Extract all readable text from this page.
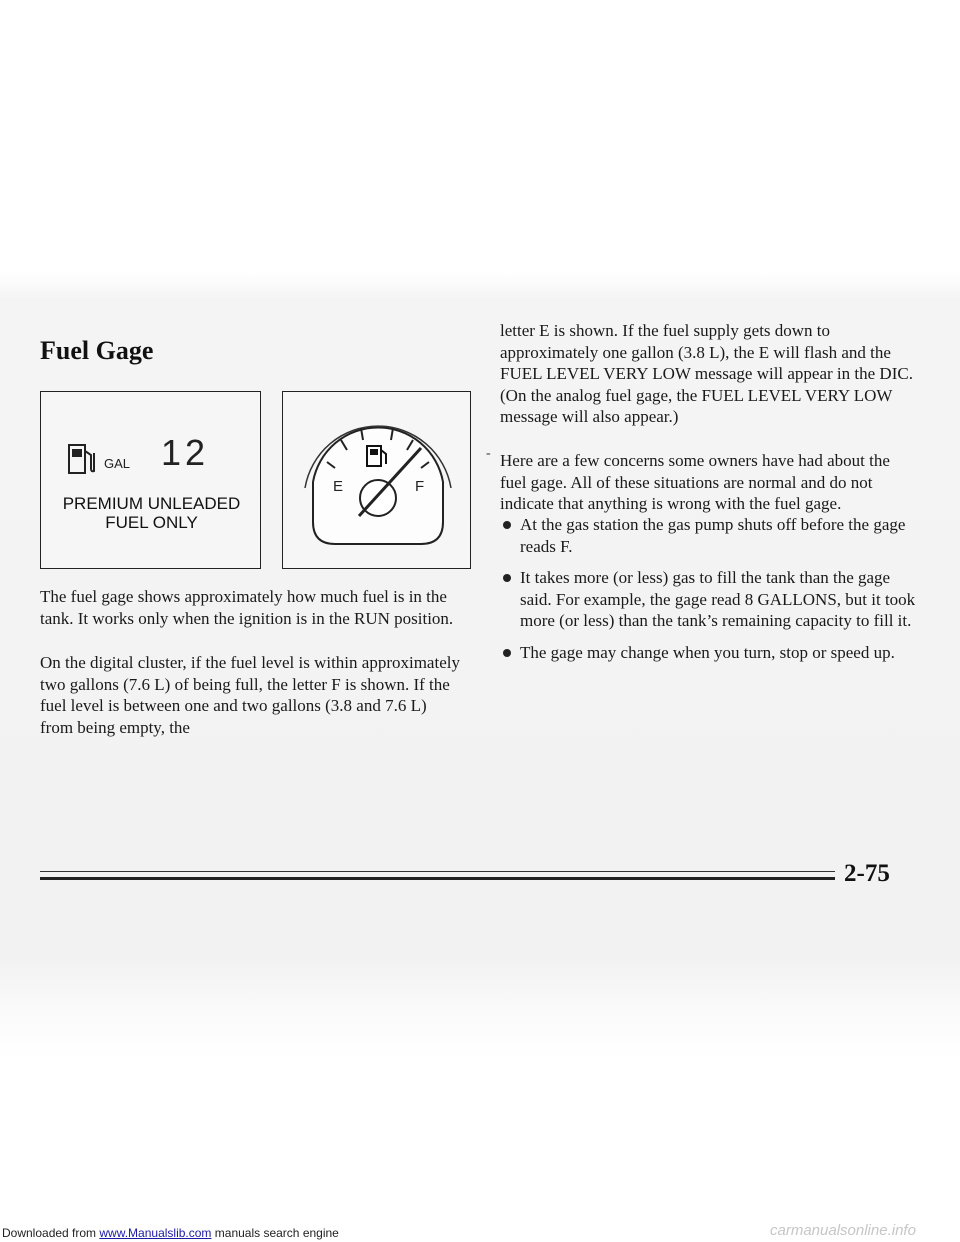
Fuel Gage
GAL 12
PREMIUM UNLEADED
FUEL ONLY
E	F

The fuel gage shows approximately how much fuel is in the tank. It works only when the ignition is in the RUN position.

On the digital cluster, if the fuel level is within approximately two gallons (7.6 L) of being full, the letter F is shown. If the fuel level is between one and two gallons (3.8 and 7.6 L) from being empty, the

letter E is shown. If the fuel supply gets down to approximately one gallon (3.8 L), the E will flash and the FUEL LEVEL VERY LOW message will appear in the DIC. (On the analog fuel gage, the FUEL LEVEL VERY LOW message will also appear.)

- Here are a few concerns some owners have had about the fuel gage. All of these situations are normal and do not indicate that anything is wrong with the fuel gage.

At the gas station the gas pump shuts off before the gage reads F.
It takes more (or less) gas to fill the tank than the gage said. For example, the gage read 8 GALLONS, but it took more (or less) than the tank’s remaining capacity to fill it.
The gage may change when you turn, stop or speed up.
2-75
Downloaded from www.Manualslib.com manuals search engine	carmanualsonline.info
